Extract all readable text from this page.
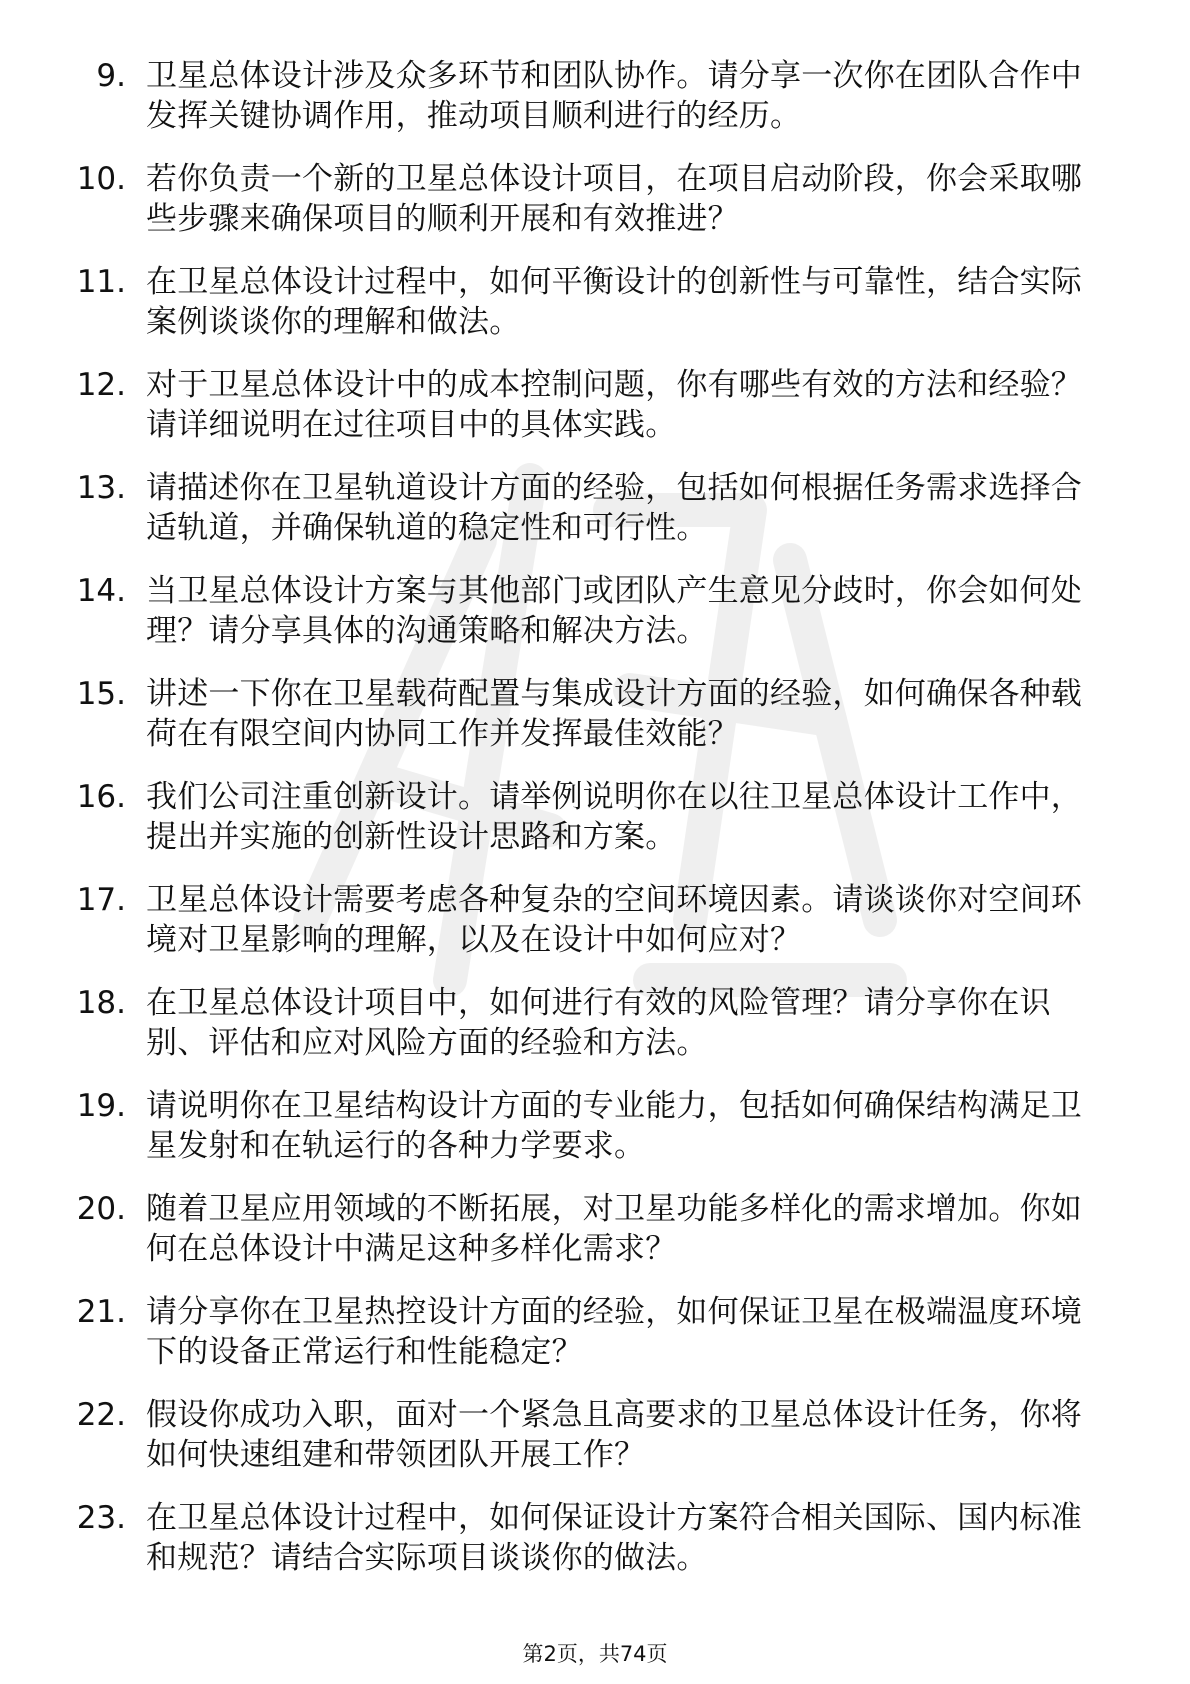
9. 卫星总体设计涉及众多环节和团队协作。请分享一次你在团队合作中发挥关键协调作用，推动项目顺利进行的经历。
10. 若你负责一个新的卫星总体设计项目，在项目启动阶段，你会采取哪些步骤来确保项目的顺利开展和有效推进？
11. 在卫星总体设计过程中，如何平衡设计的创新性与可靠性，结合实际案例谈谈你的理解和做法。
12. 对于卫星总体设计中的成本控制问题，你有哪些有效的方法和经验？请详细说明在过往项目中的具体实践。
13. 请描述你在卫星轨道设计方面的经验，包括如何根据任务需求选择合适轨道，并确保轨道的稳定性和可行性。
14. 当卫星总体设计方案与其他部门或团队产生意见分歧时，你会如何处理？请分享具体的沟通策略和解决方法。
15. 讲述一下你在卫星载荷配置与集成设计方面的经验，如何确保各种载荷在有限空间内协同工作并发挥最佳效能？
16. 我们公司注重创新设计。请举例说明你在以往卫星总体设计工作中，提出并实施的创新性设计思路和方案。
17. 卫星总体设计需要考虑各种复杂的空间环境因素。请谈谈你对空间环境对卫星影响的理解，以及在设计中如何应对？
18. 在卫星总体设计项目中，如何进行有效的风险管理？请分享你在识别、评估和应对风险方面的经验和方法。
19. 请说明你在卫星结构设计方面的专业能力，包括如何确保结构满足卫星发射和在轨运行的各种力学要求。
20. 随着卫星应用领域的不断拓展，对卫星功能多样化的需求增加。你如何在总体设计中满足这种多样化需求？
21. 请分享你在卫星热控设计方面的经验，如何保证卫星在极端温度环境下的设备正常运行和性能稳定？
22. 假设你成功入职，面对一个紧急且高要求的卫星总体设计任务，你将如何快速组建和带领团队开展工作？
23. 在卫星总体设计过程中，如何保证设计方案符合相关国际、国内标准和规范？请结合实际项目谈谈你的做法。
第2页，共74页
